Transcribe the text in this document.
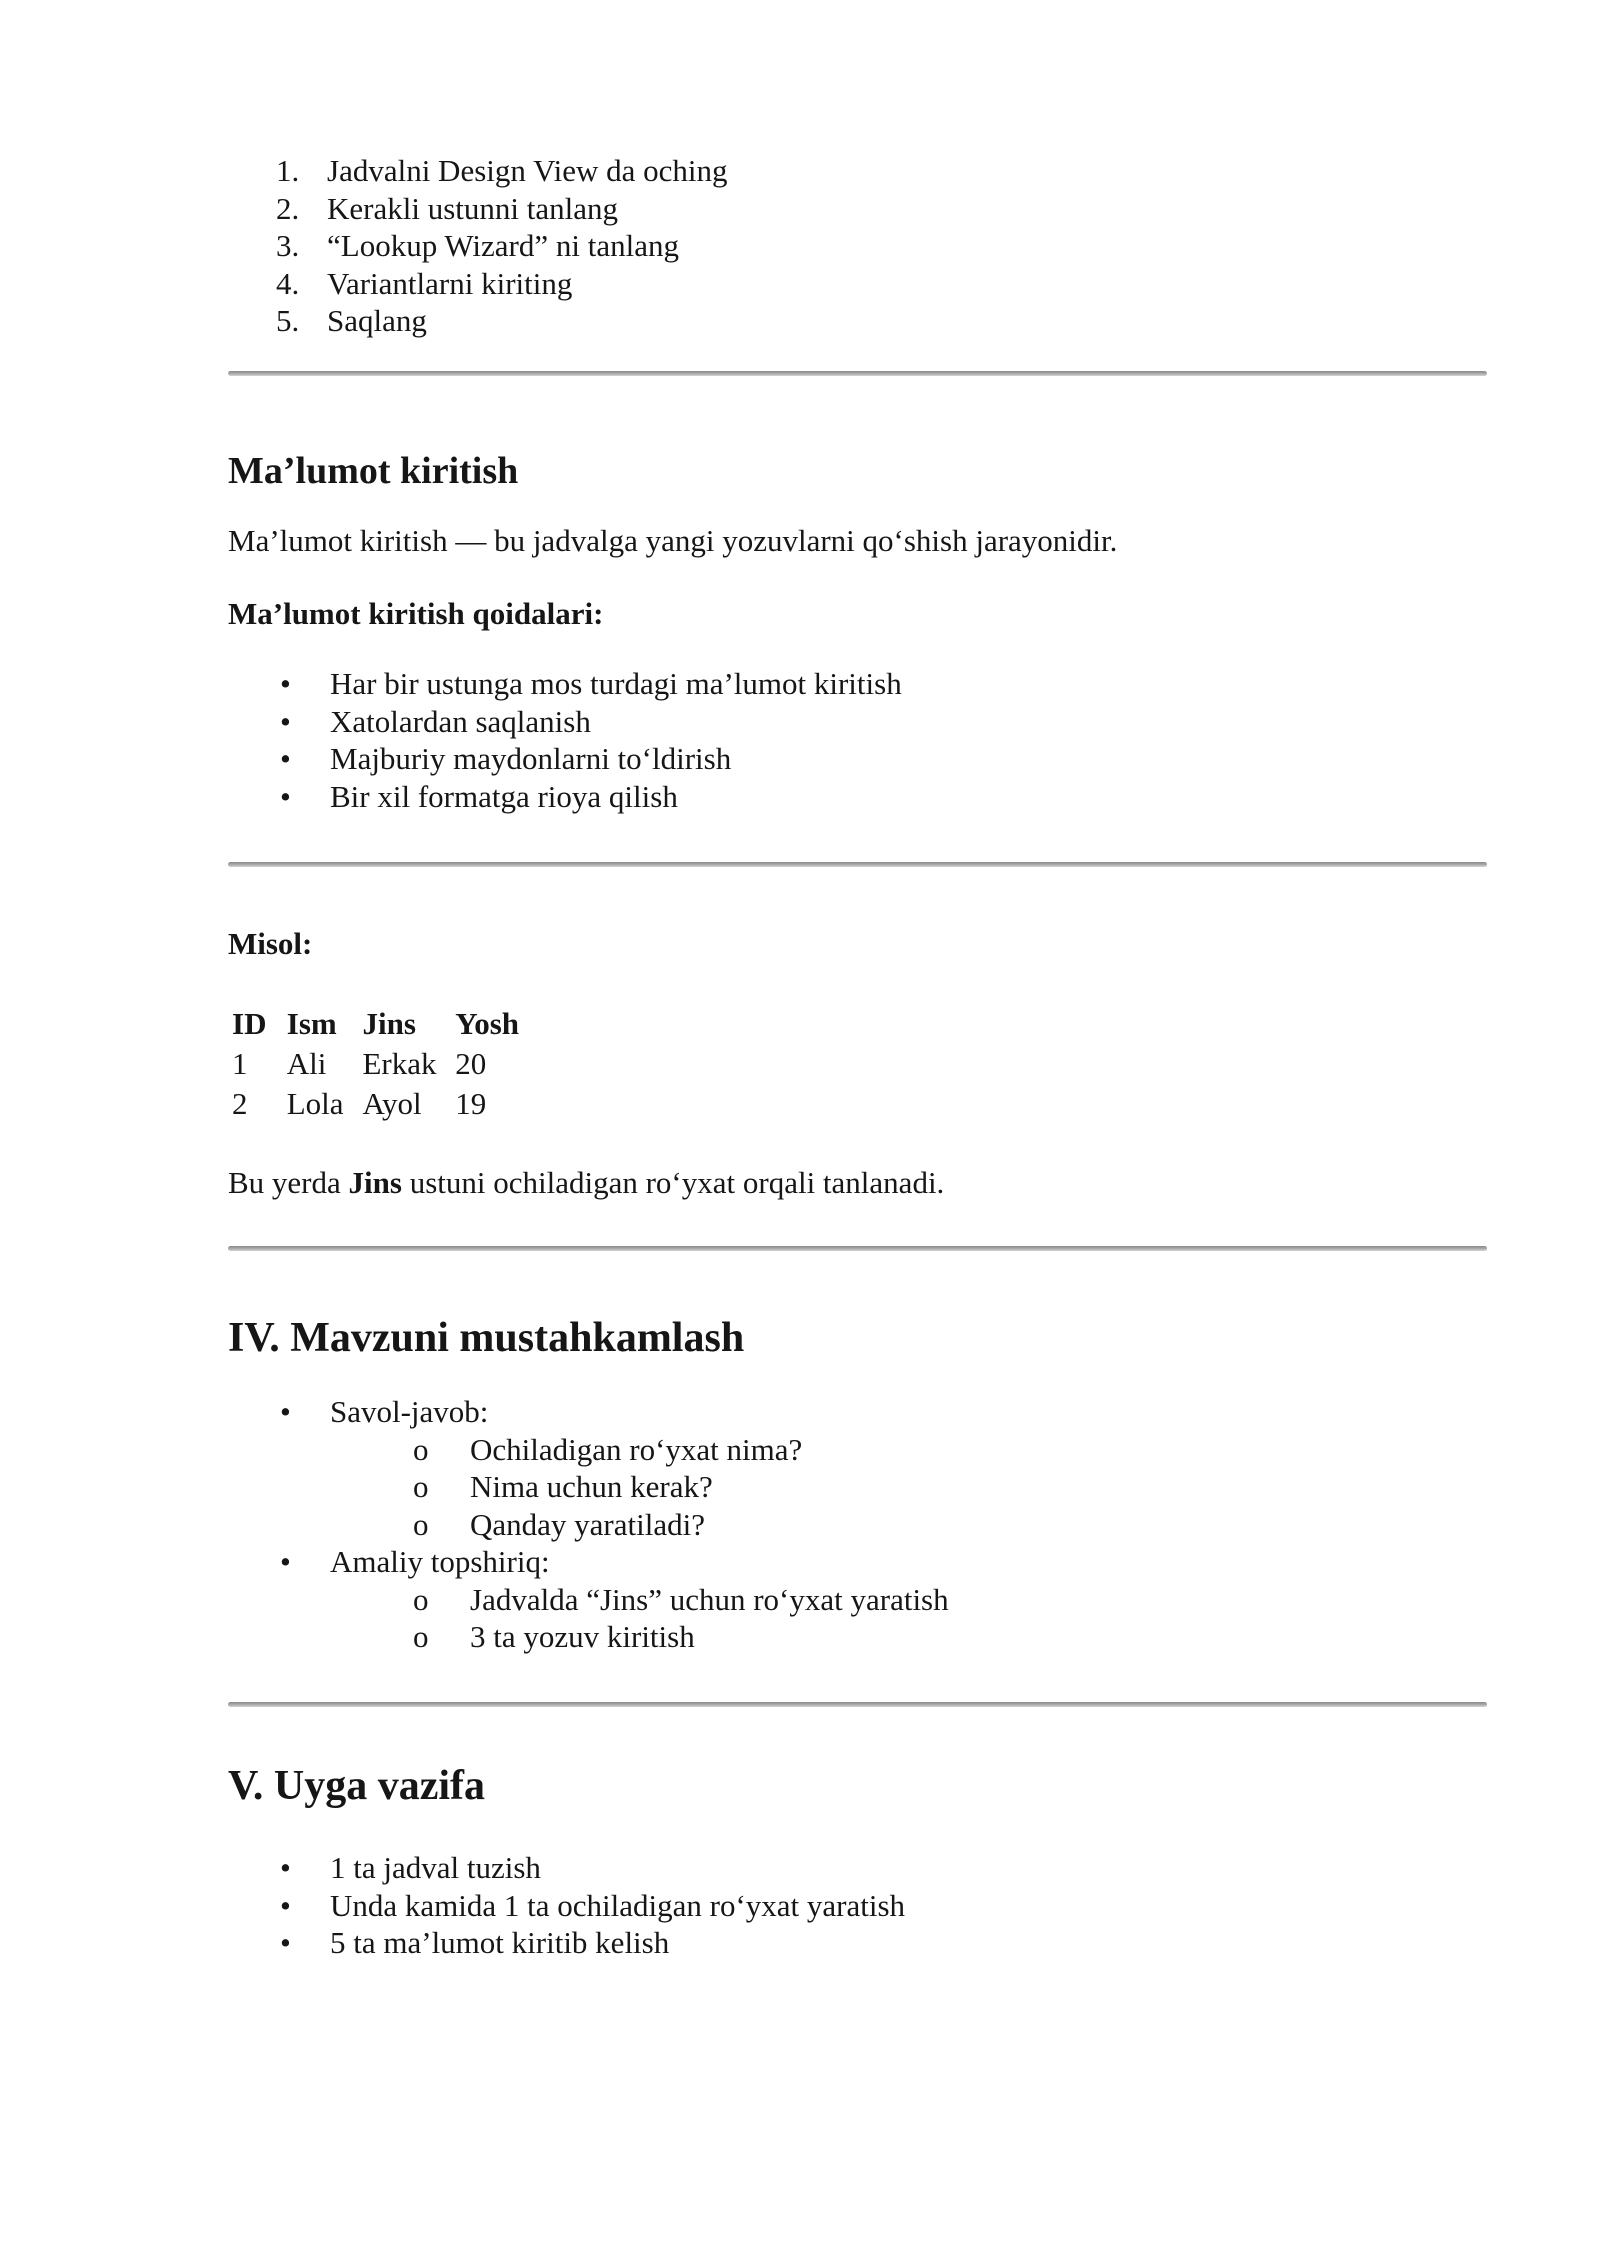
1. Jadvalni Design View da oching
2. Kerakli ustunni tanlang
3. “Lookup Wizard” ni tanlang
4. Variantlarni kiriting
5. Saqlang
Ma’lumot kiritish

Ma’lumot kiritish — bu jadvalga yangi yozuvlarni qo‘shish jarayonidir.

Ma’lumot kiritish qoidalari:

• Har bir ustunga mos turdagi ma’lumot kiritish
• Xatolardan saqlanish
• Majburiy maydonlarni to‘ldirish
• Bir xil formatga rioya qilish

Misol:

ID Ism Jins Yosh
1 Ali Erkak 20
2 Lola Ayol 19

Bu yerda Jins ustuni ochiladigan ro‘yxat orqali tanlanadi.

IV. Mavzuni mustahkamlash
• Savol-javob:
o Ochiladigan ro‘yxat nima?
o Nima uchun kerak?
o Qanday yaratiladi?
• Amaliy topshiriq:
o Jadvalda “Jins” uchun ro‘yxat yaratish
o 3 ta yozuv kiritish
V. Uyga vazifa
• 1 ta jadval tuzish
• Unda kamida 1 ta ochiladigan ro‘yxat yaratish
• 5 ta ma’lumot kiritib kelish
